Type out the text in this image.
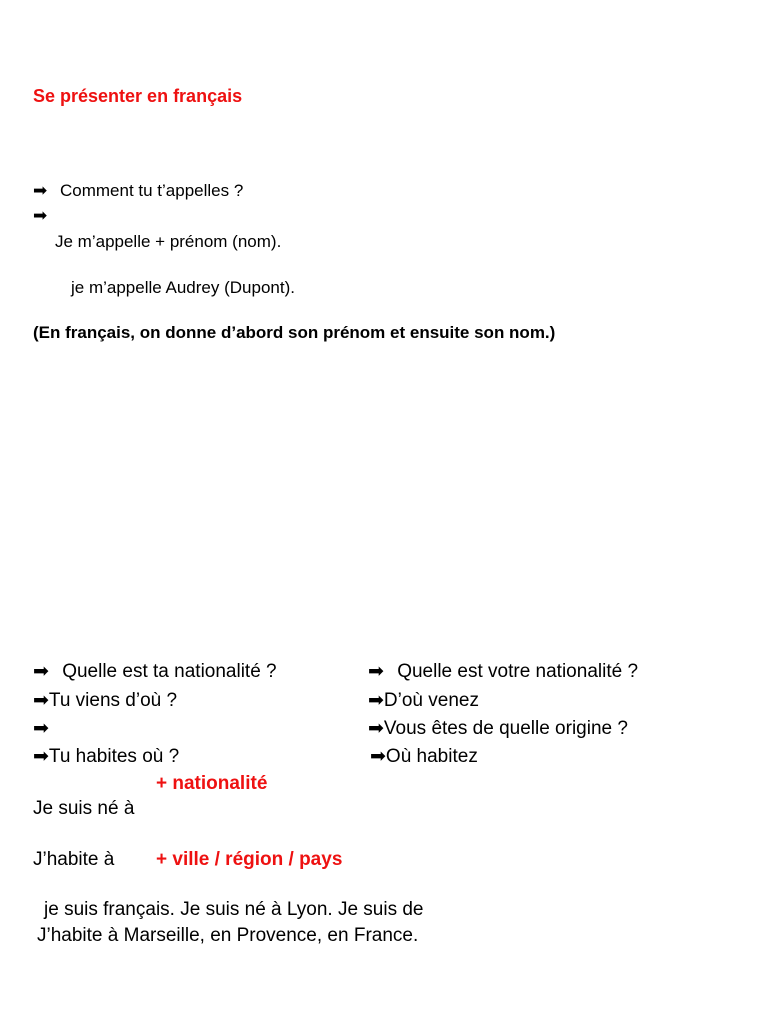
Se présenter en français
➡ Comment tu t’appelles ?
➡
Je m’appelle + prénom (nom).
je m’appelle Audrey (Dupont).
(En français, on donne d’abord son prénom et ensuite son nom.)
➡ Quelle est ta nationalité ?
➡Tu viens d’où ?
➡
➡Tu habites où ?
➡ Quelle est votre nationalité ?
➡D’où venez
➡Vous êtes de quelle origine ?
➡Où habitez
+ nationalité
Je suis né à
J’habite à + ville / région / pays
je suis français. Je suis né à Lyon. Je suis de
J’habite à Marseille, en Provence, en France.
